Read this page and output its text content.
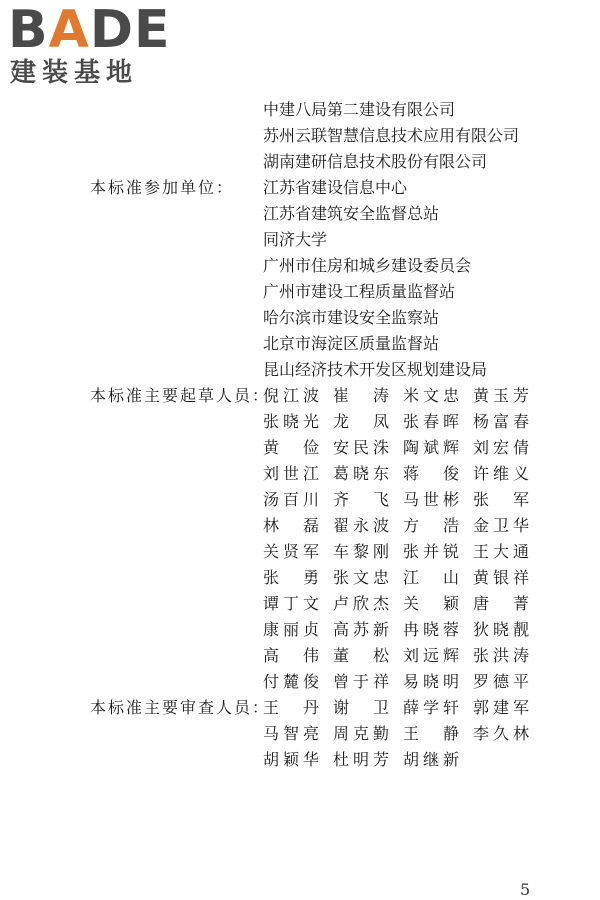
BADE
建装基地
中建八局第二建设有限公司
苏州云联智慧信息技术应用有限公司
湖南建研信息技术股份有限公司
本标准参加单位： 江苏省建设信息中心
江苏省建筑安全监督总站
同济大学
广州市住房和城乡建设委员会
广州市建设工程质量监督站
哈尔滨市建设安全监察站
北京市海淀区质量监督站
昆山经济技术开发区规划建设局
本标准主要起草人员：
倪江波 崔涛 米文忠 黄玉芳
张晓光 龙凤 张春晖 杨富春
黄俭 安民洙 陶斌辉 刘宏倩
刘世江 葛晓东 蒋俊 许维义
汤百川 齐飞 马世彬 张军
林磊 翟永波 方浩 金卫华
关贤军 车黎刚 张并锐 王大通
张勇 张文忠 江山 黄银祥
谭丁文 卢欣杰 关颖 唐菁
康丽贞 高苏新 冉晓蓉 狄晓靓
高伟 董松 刘远辉 张洪涛
付麓俊 曾于祥 易晓明 罗德平
本标准主要审查人员：
王丹 谢卫 薛学轩 郭建军
马智亮 周克勤 王静 李久林
胡颖华 杜明芳 胡继新
5
